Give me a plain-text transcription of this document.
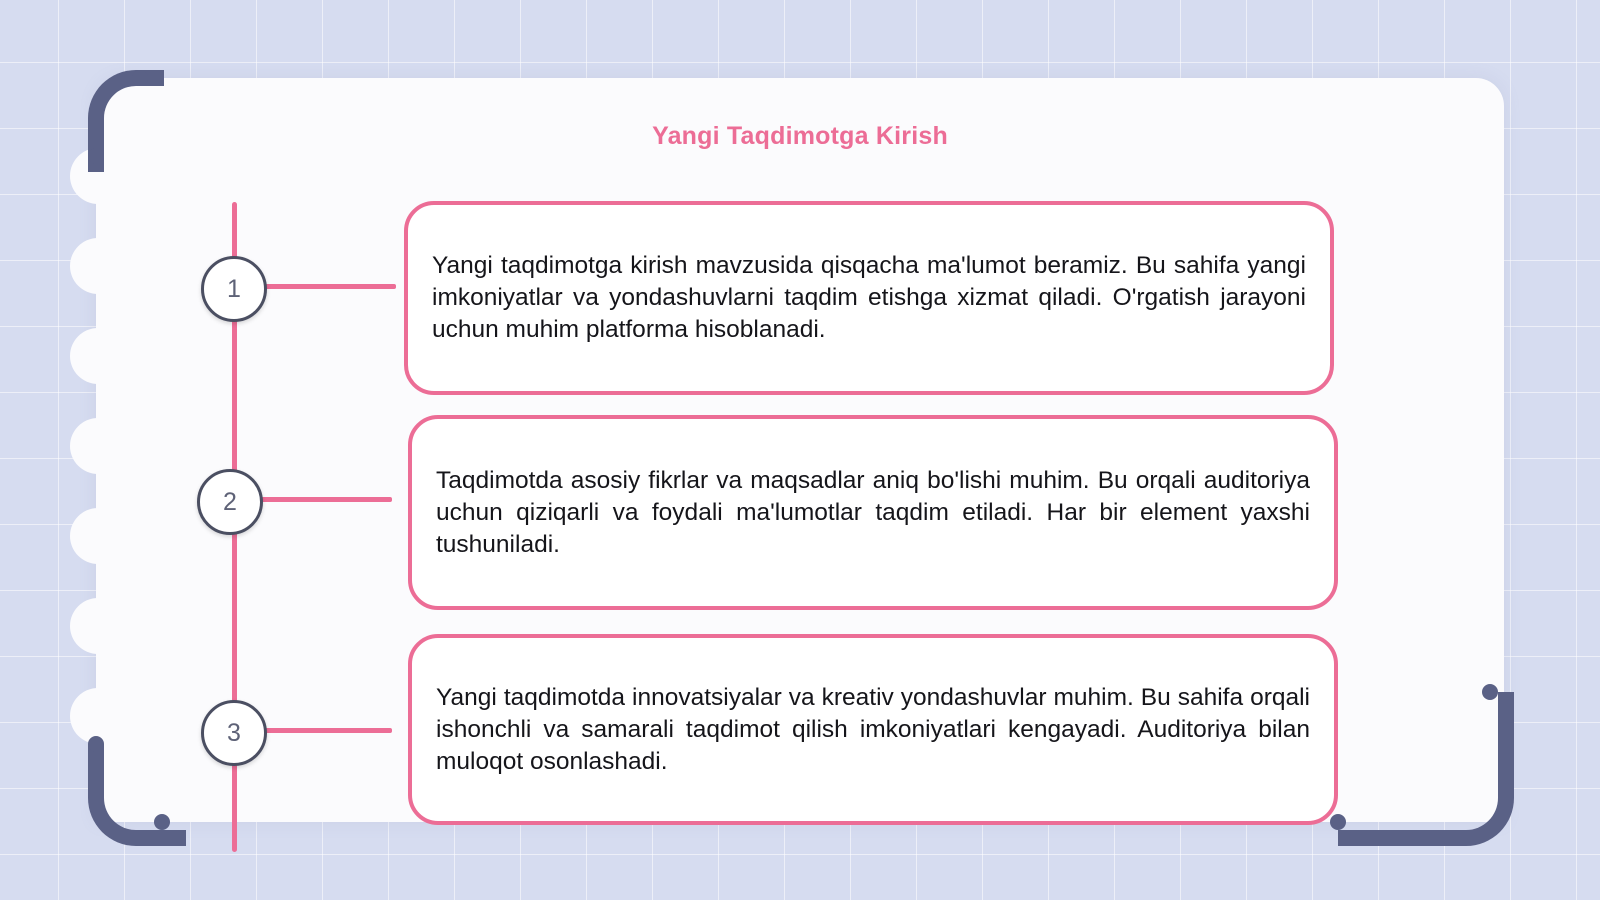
Yangi Taqdimotga Kirish
1

Yangi taqdimotga kirish mavzusida qisqacha ma'lumot beramiz. Bu sahifa yangi imkoniyatlar va yondashuvlarni taqdim etishga xizmat qiladi. O'rgatish jarayoni uchun muhim platforma hisoblanadi.

2

Taqdimotda asosiy fikrlar va maqsadlar aniq bo'lishi muhim. Bu orqali auditoriya uchun qiziqarli va foydali ma'lumotlar taqdim etiladi. Har bir element yaxshi tushuniladi.

3

Yangi taqdimotda innovatsiyalar va kreativ yondashuvlar muhim. Bu sahifa orqali ishonchli va samarali taqdimot qilish imkoniyatlari kengayadi. Auditoriya bilan muloqot osonlashadi.
